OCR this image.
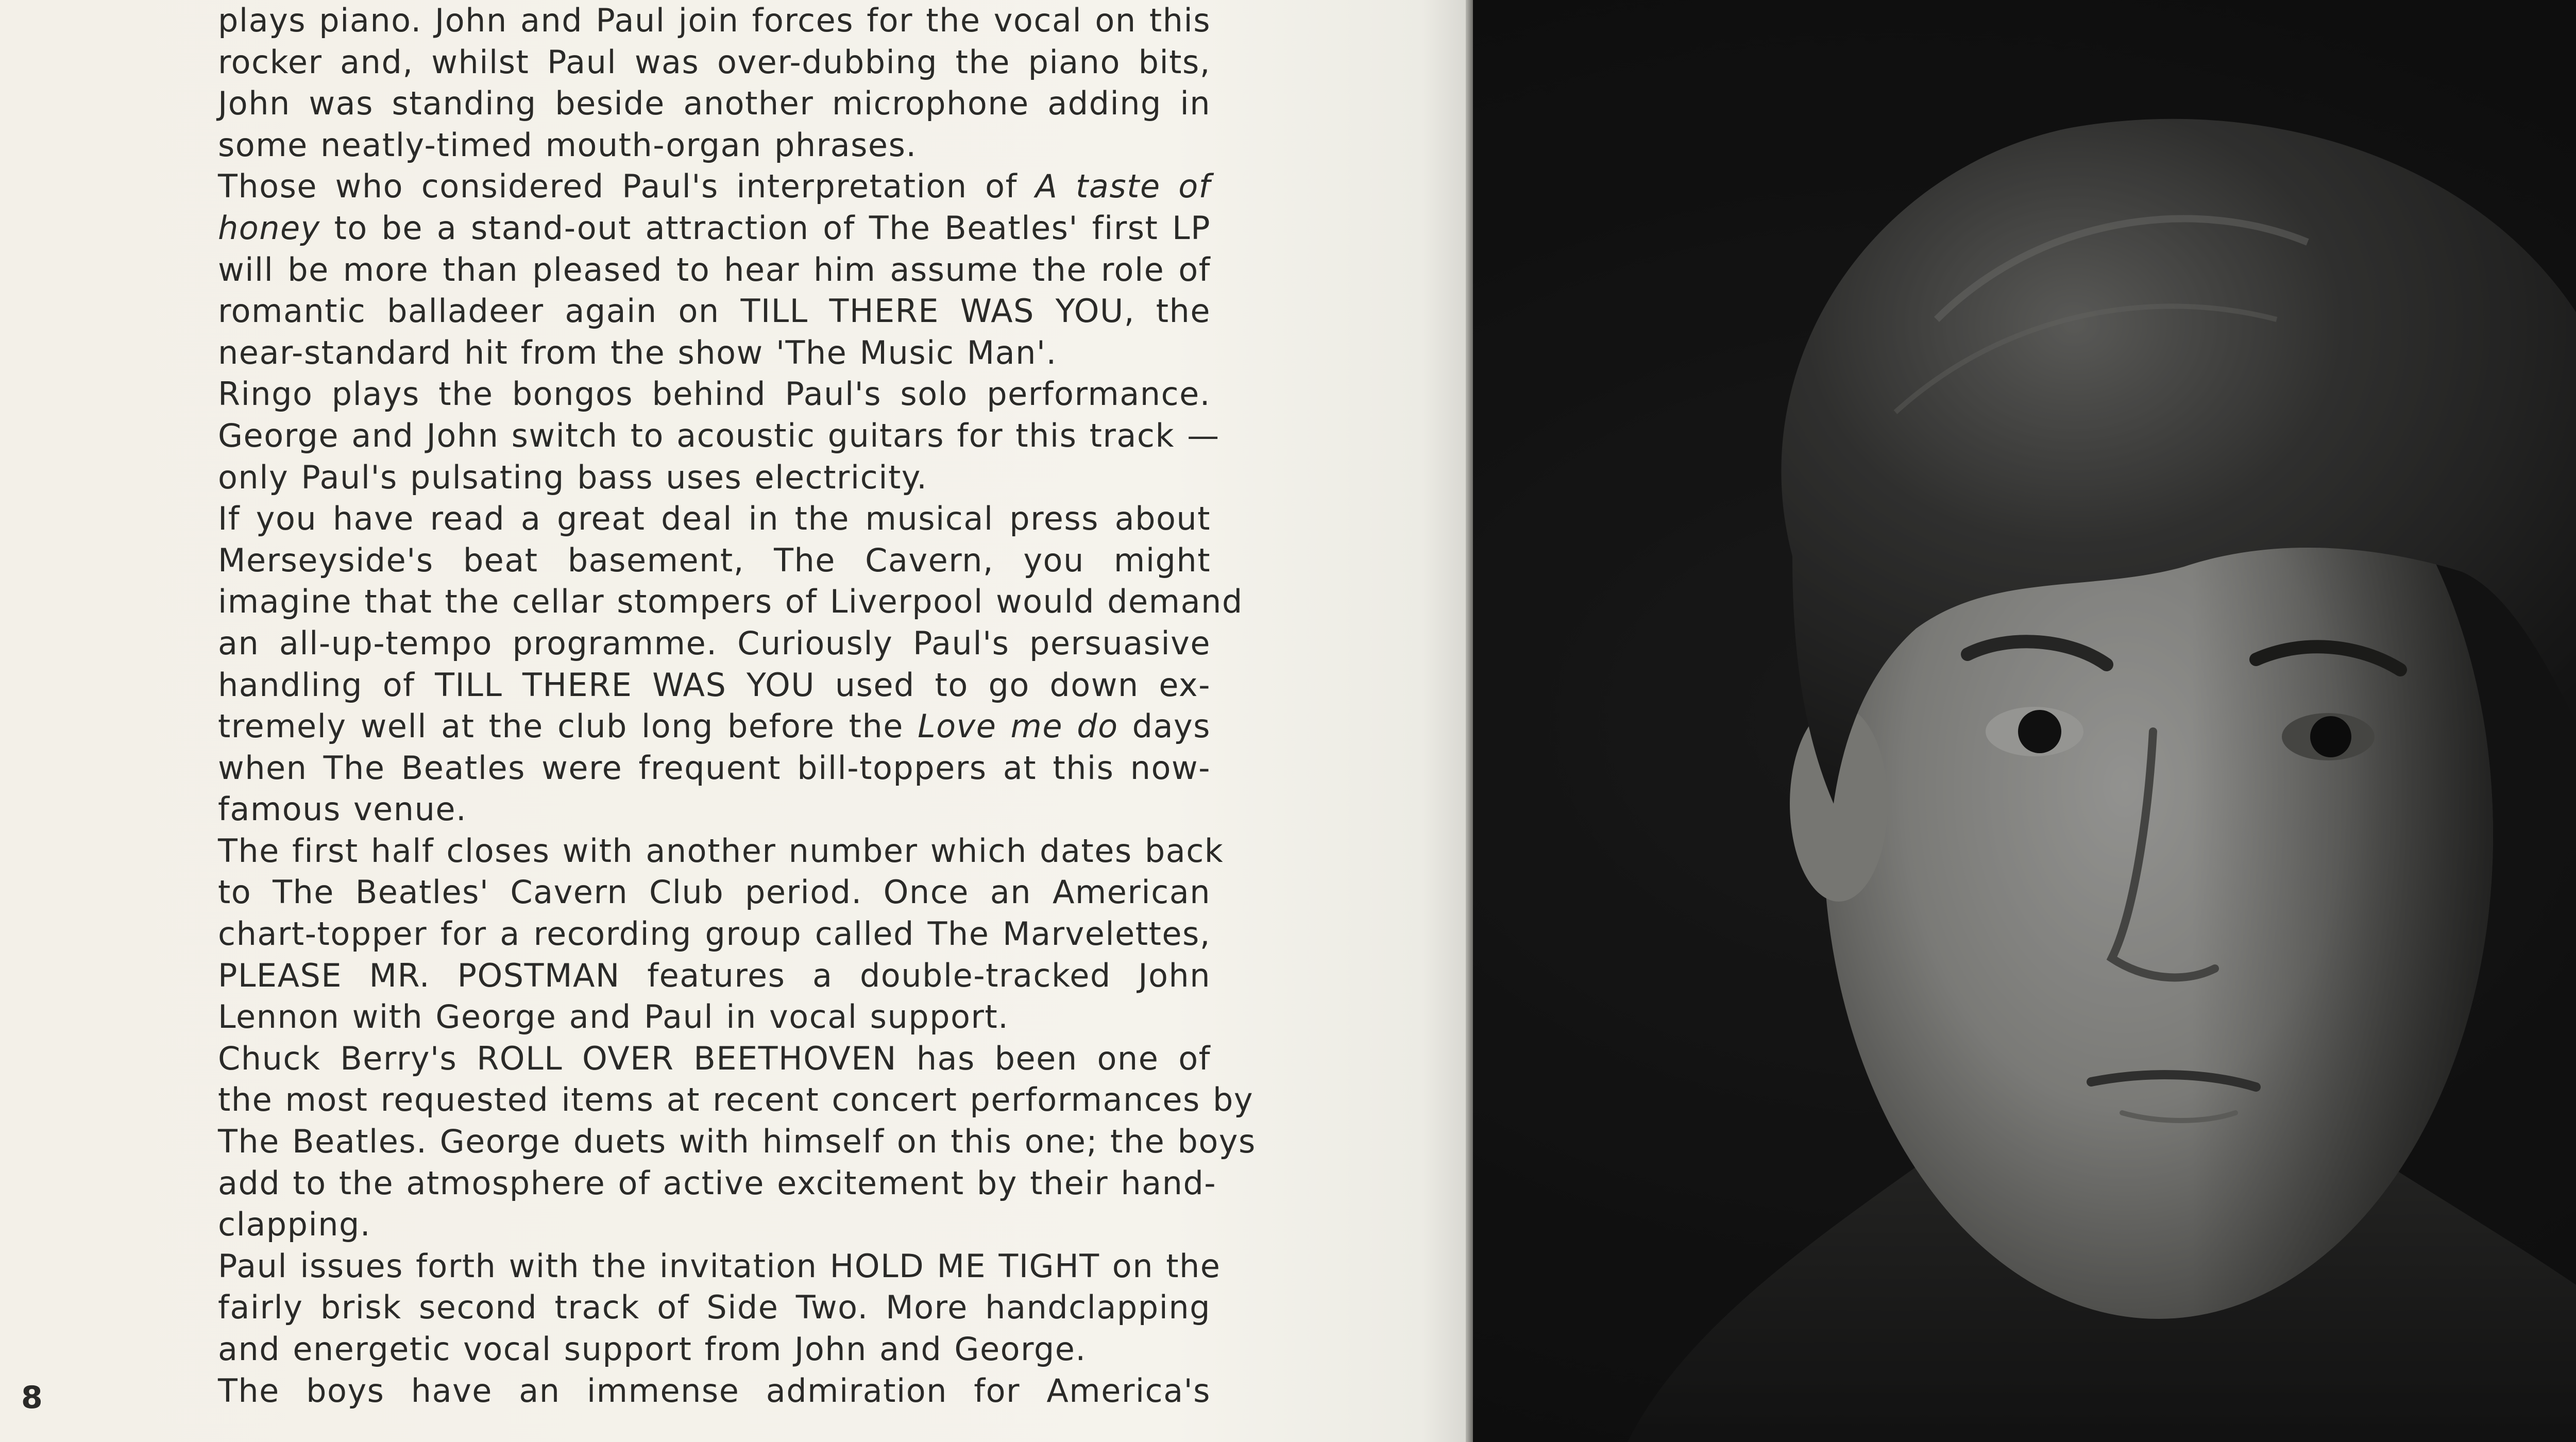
plays piano. John and Paul join forces for the vocal on this
rocker and, whilst Paul was over-dubbing the piano bits,
John was standing beside another microphone adding in
some neatly-timed mouth-organ phrases.
Those who considered Paul's interpretation of A taste of
honey to be a stand-out attraction of The Beatles' first LP
will be more than pleased to hear him assume the role of
romantic balladeer again on TILL THERE WAS YOU, the
near-standard hit from the show 'The Music Man'.
Ringo plays the bongos behind Paul's solo performance.
George and John switch to acoustic guitars for this track —
only Paul's pulsating bass uses electricity.
If you have read a great deal in the musical press about
Merseyside's beat basement, The Cavern, you might
imagine that the cellar stompers of Liverpool would demand
an all-up-tempo programme. Curiously Paul's persuasive
handling of TILL THERE WAS YOU used to go down ex-
tremely well at the club long before the Love me do days
when The Beatles were frequent bill-toppers at this now-
famous venue.
The first half closes with another number which dates back
to The Beatles' Cavern Club period. Once an American
chart-topper for a recording group called The Marvelettes,
PLEASE MR. POSTMAN features a double-tracked John
Lennon with George and Paul in vocal support.
Chuck Berry's ROLL OVER BEETHOVEN has been one of
the most requested items at recent concert performances by
The Beatles. George duets with himself on this one; the boys
add to the atmosphere of active excitement by their hand-
clapping.
Paul issues forth with the invitation HOLD ME TIGHT on the
fairly brisk second track of Side Two. More handclapping
and energetic vocal support from John and George.
The boys have an immense admiration for America's
8
